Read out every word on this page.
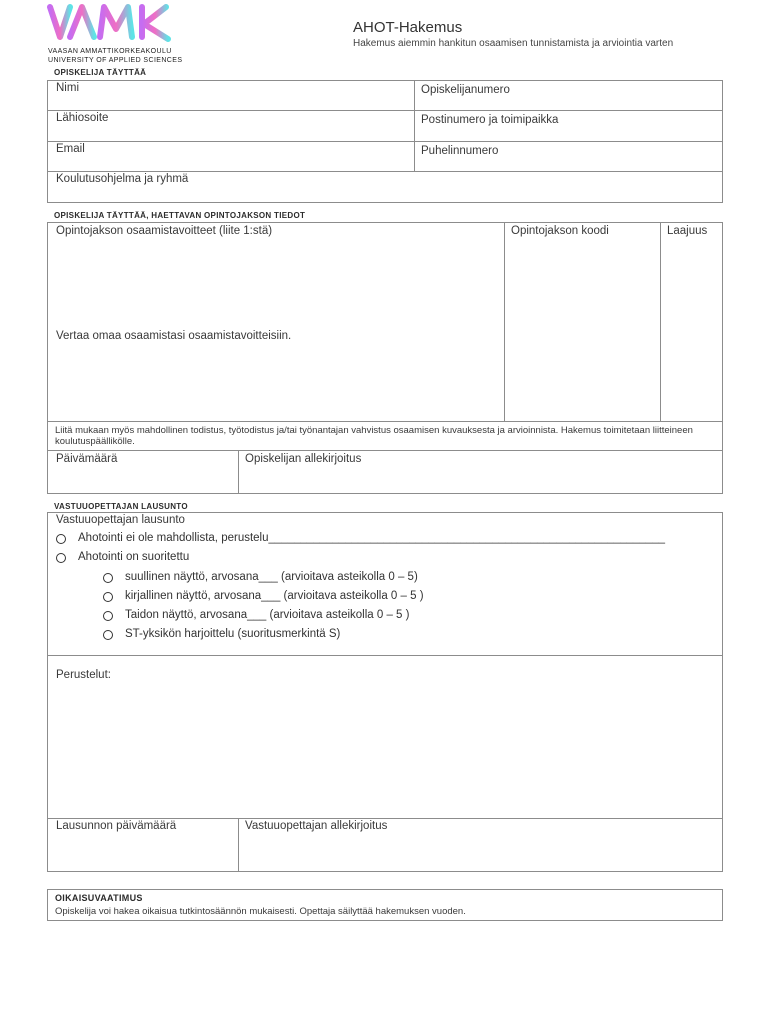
VAASAN AMMATTIKORKEAKOULU
UNIVERSITY OF APPLIED SCIENCES
AHOT-Hakemus
Hakemus aiemmin hankitun osaamisen tunnistamista ja arviointia varten
OPISKELIJA TÄYTTÄÄ
Nimi	Opiskelijanumero
Lähiosoite	Postinumero ja toimipaikka
Email	Puhelinnumero
Koulutusohjelma ja ryhmä
OPISKELIJA TÄYTTÄÄ, HAETTAVAN OPINTOJAKSON TIEDOT
Opintojakson osaamistavoitteet (liite 1:stä)	Opintojakson koodi	Laajuus
Vertaa omaa osaamistasi osaamistavoitteisiin.
Liitä mukaan myös mahdollinen todistus, työtodistus ja/tai työnantajan vahvistus osaamisen kuvauksesta ja arvioinnista. Hakemus toimitetaan liitteineen koulutuspäällikölle.
Päivämäärä	Opiskelijan allekirjoitus
VASTUUOPETTAJAN LAUSUNTO
Vastuuopettajan lausunto
Ahotointi ei ole mahdollista, perustelu______________________________________________________________
Ahotointi on suoritettu
suullinen näyttö, arvosana___ (arvioitava asteikolla 0 – 5)
kirjallinen näyttö, arvosana___ (arvioitava asteikolla 0 – 5 )
Taidon näyttö, arvosana___ (arvioitava asteikolla 0 – 5 )
ST-yksikön harjoittelu (suoritusmerkintä S)
Perustelut:
Lausunnon päivämäärä	Vastuuopettajan allekirjoitus
OIKAISUVAATIMUS
Opiskelija voi hakea oikaisua tutkintosäännön mukaisesti. Opettaja säilyttää hakemuksen vuoden.
